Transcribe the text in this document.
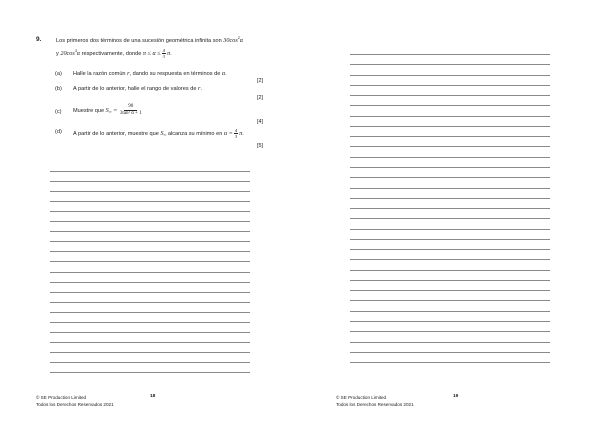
9.	Los primeros dos términos de una sucesión geométrica infinita son $30\cos^2\alpha$
y $20\cos^4\alpha$ respectivamente, donde $\pi \le \alpha \le \frac{4}{3} \pi$.
(a) Halle la razón común r, dando su respuesta en términos de α.
[2]
(b) A partir de lo anterior, halle el rango de valores de r.
[2]
(c) Muestre que $S_\infty = \frac{90}{\text{3tan² α + 1}}$
[4]
(d) A partir de lo anterior, muestre que $S_\infty$ alcanza su mínimo en $\alpha = \frac{4}{3} \pi$.
[5]
© SE Production Limited
Todos los Derechos Reservados 2021
18	© SE Production Limited
Todos los Derechos Reservados 2021
19
